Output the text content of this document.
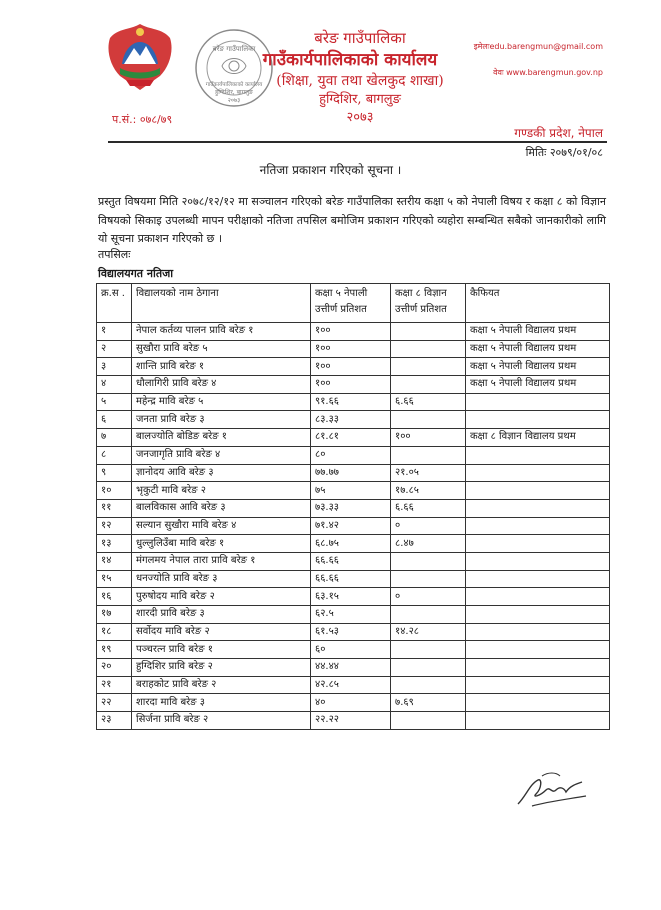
बरेङ गाउँपालिका
गाउँकार्यपालिकाको कार्यालय
हुग्दिशिर, बागलुङ
२०७३
बरेङ गाउँपालिका
गाउँकार्यपालिकाको कार्यालय
(शिक्षा, युवा तथा खेलकुद शाखा)
हुग्दिशिर, बागलुङ
२०७३
इमेलःedu.barengmun@gmail.com
वेवः www.barengmun.gov.np
प.सं.: ०७८/७९
गण्डकी प्रदेश, नेपाल
मितिः २०७९/०१/०८
नतिजा प्रकाशन गरिएको सूचना ।
प्रस्तुत विषयमा मिति २०७८/१२/१२ मा सञ्चालन गरिएको बरेङ गाउँपालिका स्तरीय कक्षा ५ को नेपाली विषय र कक्षा ८ को विज्ञान विषयको सिकाइ उपलब्धी मापन परीक्षाको नतिजा तपसिल बमोजिम प्रकाशन गरिएको व्यहोरा सम्बन्धित सबैको जानकारीको लागि यो सूचना प्रकाशन गरिएको छ ।
तपसिलः
विद्यालयगत नतिजा
क्र.स .	विद्यालयको नाम ठेगाना	कक्षा ५ नेपाली उत्तीर्ण प्रतिशत	कक्षा ८ विज्ञान उत्तीर्ण प्रतिशत	कैफियत
१	नेपाल कर्तव्य पालन प्रावि बरेङ १	१००		कक्षा ५ नेपाली विद्यालय प्रथम
२	सुखौरा प्रावि बरेङ ५	१००		कक्षा ५ नेपाली विद्यालय प्रथम
३	शान्ति प्रावि बरेङ १	१००		कक्षा ५ नेपाली विद्यालय प्रथम
४	धौलागिरी प्रावि बरेङ ४	१००		कक्षा ५ नेपाली विद्यालय प्रथम
५	महेन्द्र मावि बरेङ ५	९१.६६	६.६६	
६	जनता प्रावि बरेङ ३	८३.३३		
७	बालज्योति बोडिङ बरेङ १	८१.८१	१००	कक्षा ८ विज्ञान विद्यालय प्रथम
८	जनजागृति प्रावि बरेङ ४	८०		
९	ज्ञानोदय आवि बरेङ ३	७७.७७	२१.०५	
१०	भृकुटी मावि बरेङ २	७५	१७.८५	
११	बालविकास आवि बरेङ ३	७३.३३	६.६६	
१२	सल्यान सुखौरा मावि बरेङ ४	७१.४२	०	
१३	धुल्लुलिउँबा मावि बरेङ १	६८.७५	८.४७	
१४	मंगलमय नेपाल तारा प्रावि बरेङ १	६६.६६		
१५	धनज्योति प्रावि बरेङ ३	६६.६६		
१६	पुरुषोदय मावि बरेङ २	६३.१५	०	
१७	शारदी प्रावि बरेङ ३	६२.५		
१८	सर्वोदय मावि बरेङ २	६१.५३	१४.२८	
१९	पञ्चरत्न प्रावि बरेङ १	६०		
२०	हुग्दिशिर प्रावि बरेङ २	४४.४४		
२१	बराहकोट प्रावि बरेङ २	४२.८५		
२२	शारदा मावि बरेङ ३	४०	७.६९	
२३	सिर्जना प्रावि बरेङ २	२२.२२		
